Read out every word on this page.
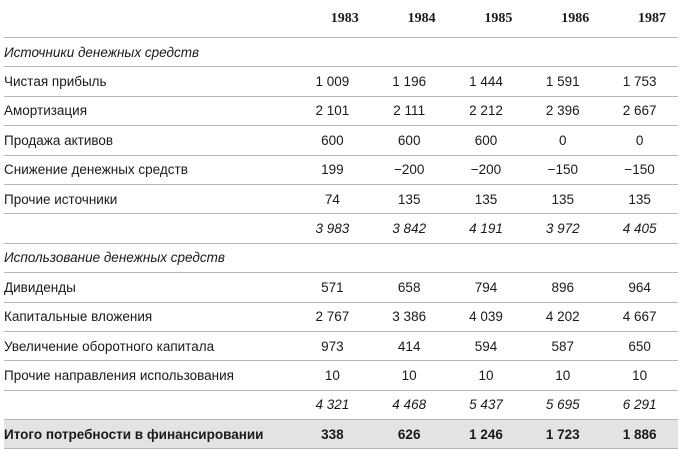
	1983	1984	1985	1986	1987
Источники денежных средств					
Чистая прибыль	1 009	1 196	1 444	1 591	1 753
Амортизация	2 101	2 111	2 212	2 396	2 667
Продажа активов	600	600	600	0	0
Снижение денежных средств	199	−200	−200	−150	−150
Прочие источники	74	135	135	135	135
	3 983	3 842	4 191	3 972	4 405
Использование денежных средств					
Дивиденды	571	658	794	896	964
Капитальные вложения	2 767	3 386	4 039	4 202	4 667
Увеличение оборотного капитала	973	414	594	587	650
Прочие направления использования	10	10	10	10	10
	4 321	4 468	5 437	5 695	6 291
Итого потребности в финансировании	338	626	1 246	1 723	1 886
